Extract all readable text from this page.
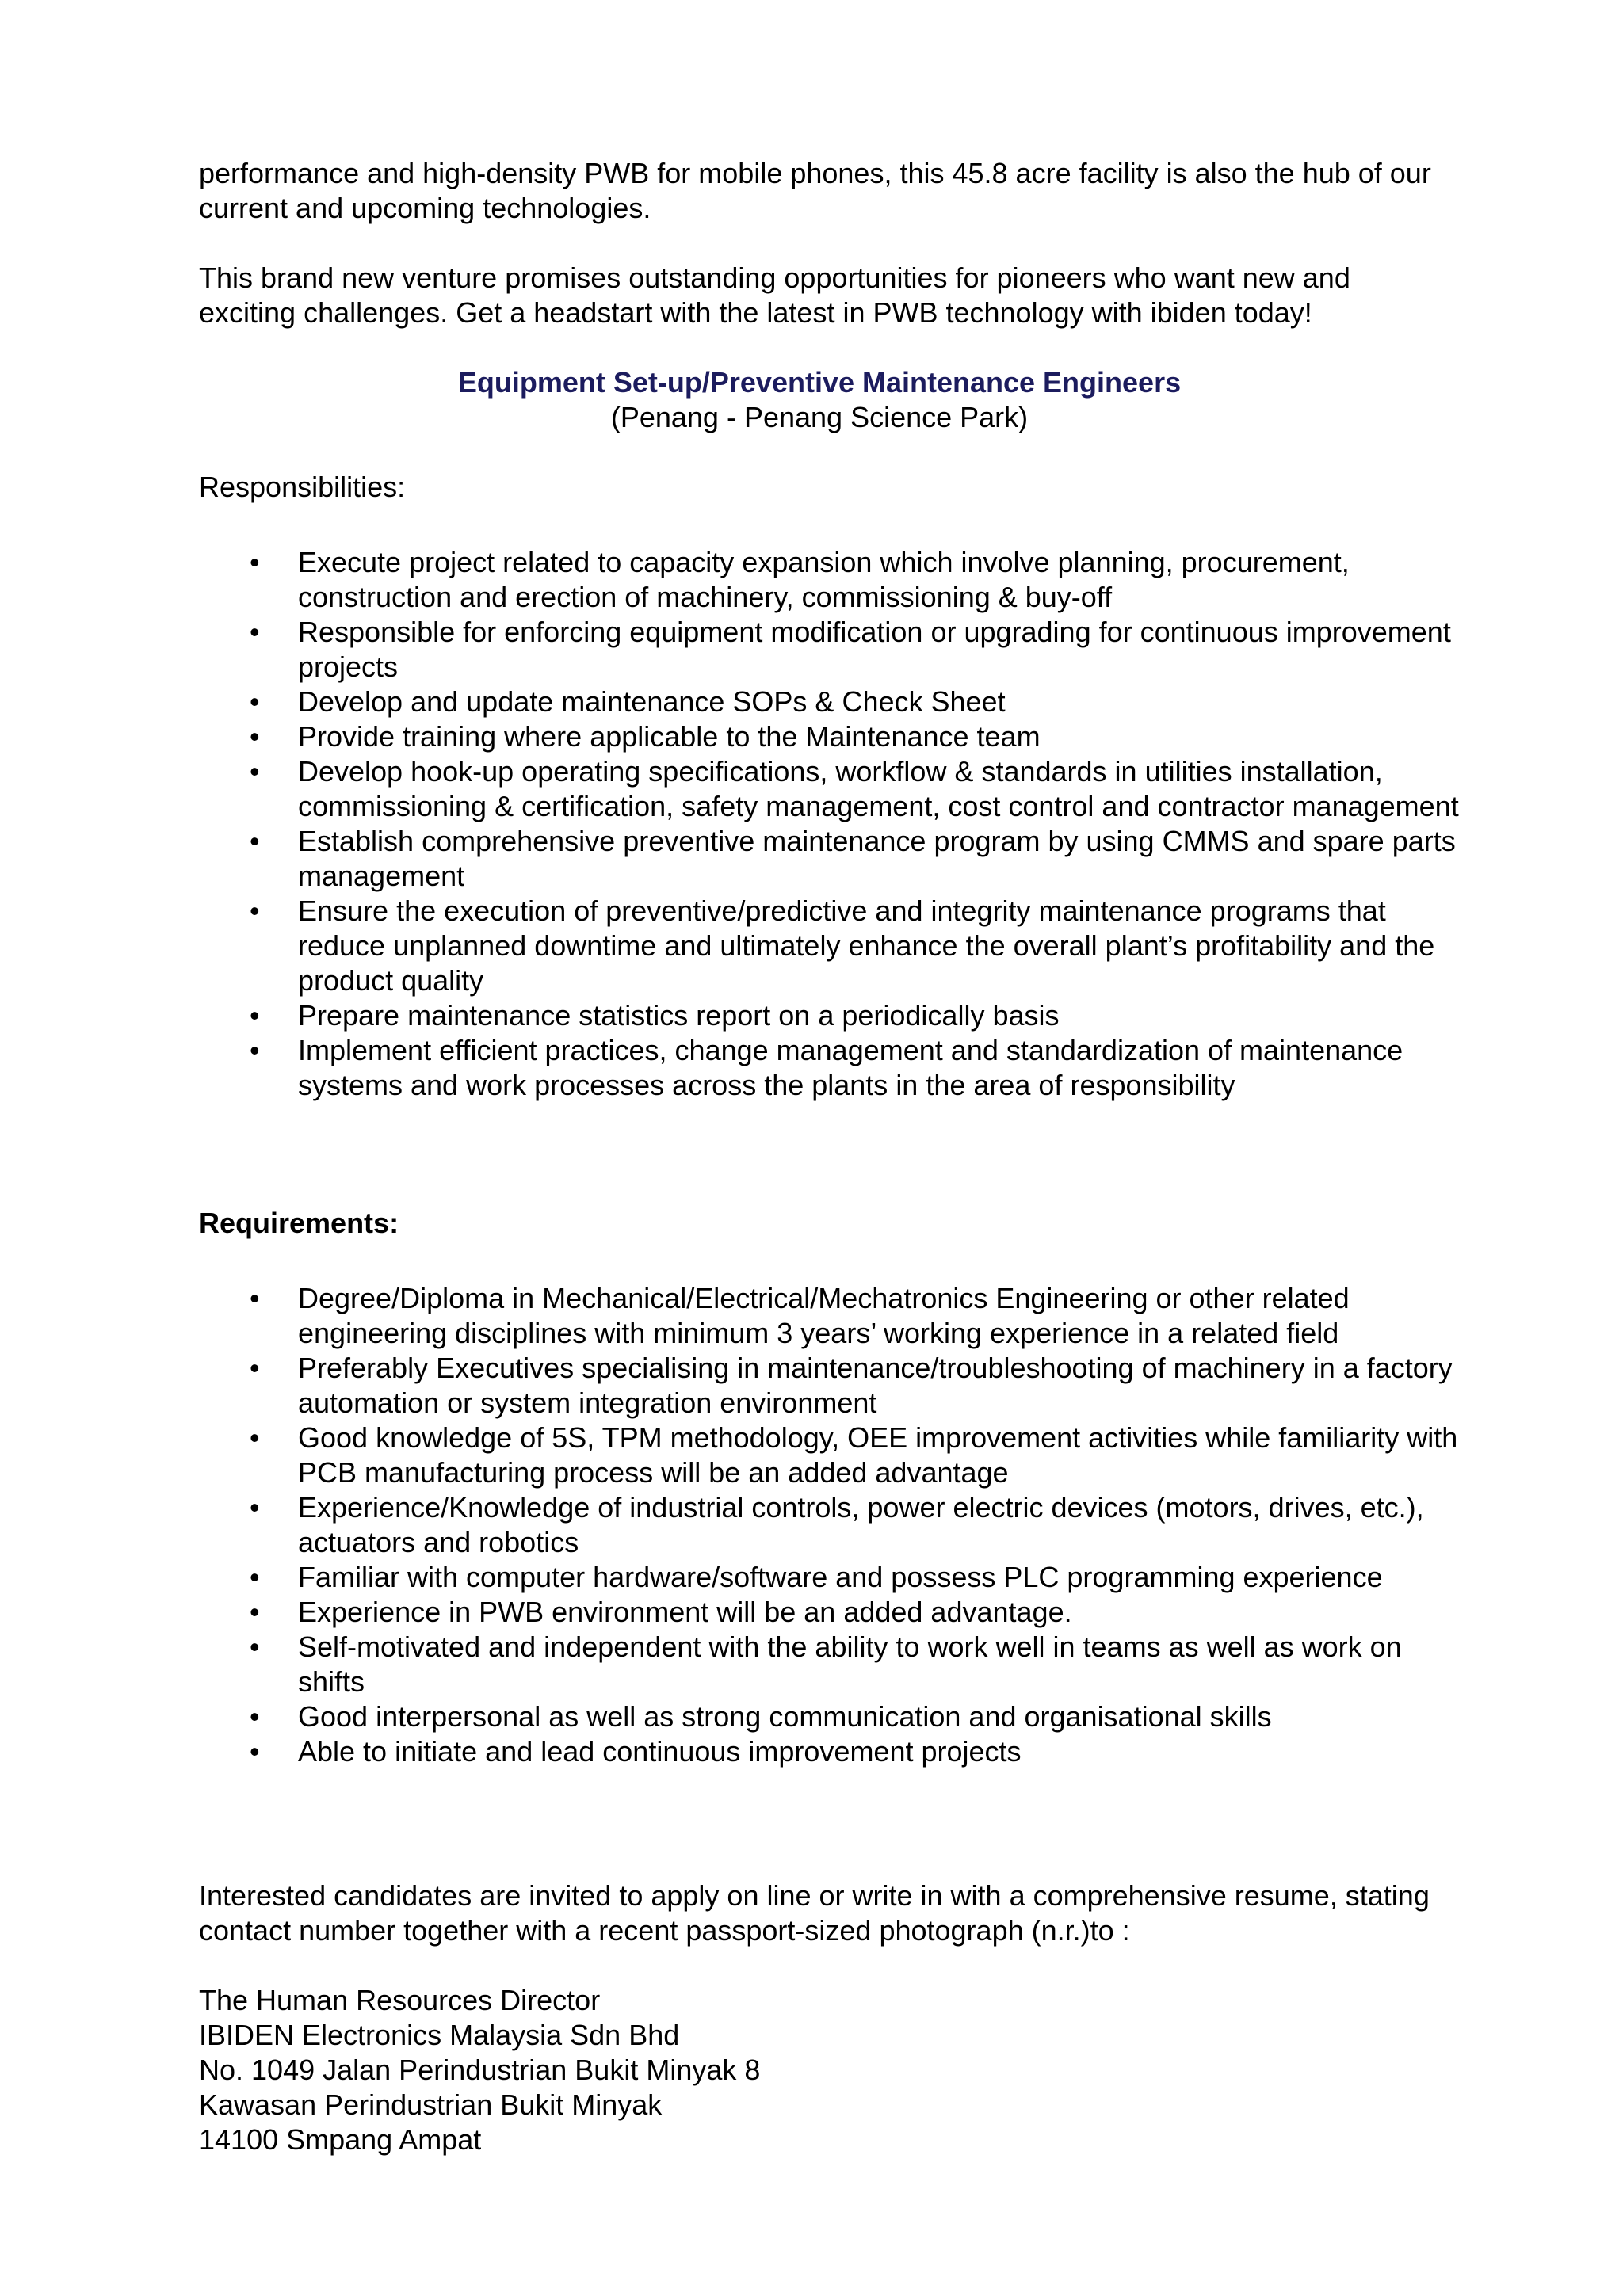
performance and high-density PWB for mobile phones, this 45.8 acre facility is also the hub of our current and upcoming technologies.

This brand new venture promises outstanding opportunities for pioneers who want new and exciting challenges. Get a headstart with the latest in PWB technology with ibiden today!

Equipment Set-up/Preventive Maintenance Engineers
(Penang - Penang Science Park)

Responsibilities:

• Execute project related to capacity expansion which involve planning, procurement, construction and erection of machinery, commissioning & buy-off
• Responsible for enforcing equipment modification or upgrading for continuous improvement projects
• Develop and update maintenance SOPs & Check Sheet
• Provide training where applicable to the Maintenance team
• Develop hook-up operating specifications, workflow & standards in utilities installation, commissioning & certification, safety management, cost control and contractor management
• Establish comprehensive preventive maintenance program by using CMMS and spare parts management
• Ensure the execution of preventive/predictive and integrity maintenance programs that reduce unplanned downtime and ultimately enhance the overall plant’s profitability and the product quality
• Prepare maintenance statistics report on a periodically basis
• Implement efficient practices, change management and standardization of maintenance systems and work processes across the plants in the area of responsibility

Requirements:

• Degree/Diploma in Mechanical/Electrical/Mechatronics Engineering or other related engineering disciplines with minimum 3 years’ working experience in a related field
• Preferably Executives specialising in maintenance/troubleshooting of machinery in a factory automation or system integration environment
• Good knowledge of 5S, TPM methodology, OEE improvement activities while familiarity with PCB manufacturing process will be an added advantage
• Experience/Knowledge of industrial controls, power electric devices (motors, drives, etc.), actuators and robotics
• Familiar with computer hardware/software and possess PLC programming experience
• Experience in PWB environment will be an added advantage.
• Self-motivated and independent with the ability to work well in teams as well as work on shifts
• Good interpersonal as well as strong communication and organisational skills
• Able to initiate and lead continuous improvement projects

Interested candidates are invited to apply on line or write in with a comprehensive resume, stating contact number together with a recent passport-sized photograph (n.r.)to :

The Human Resources Director
IBIDEN Electronics Malaysia Sdn Bhd
No. 1049 Jalan Perindustrian Bukit Minyak 8
Kawasan Perindustrian Bukit Minyak
14100 Smpang Ampat
